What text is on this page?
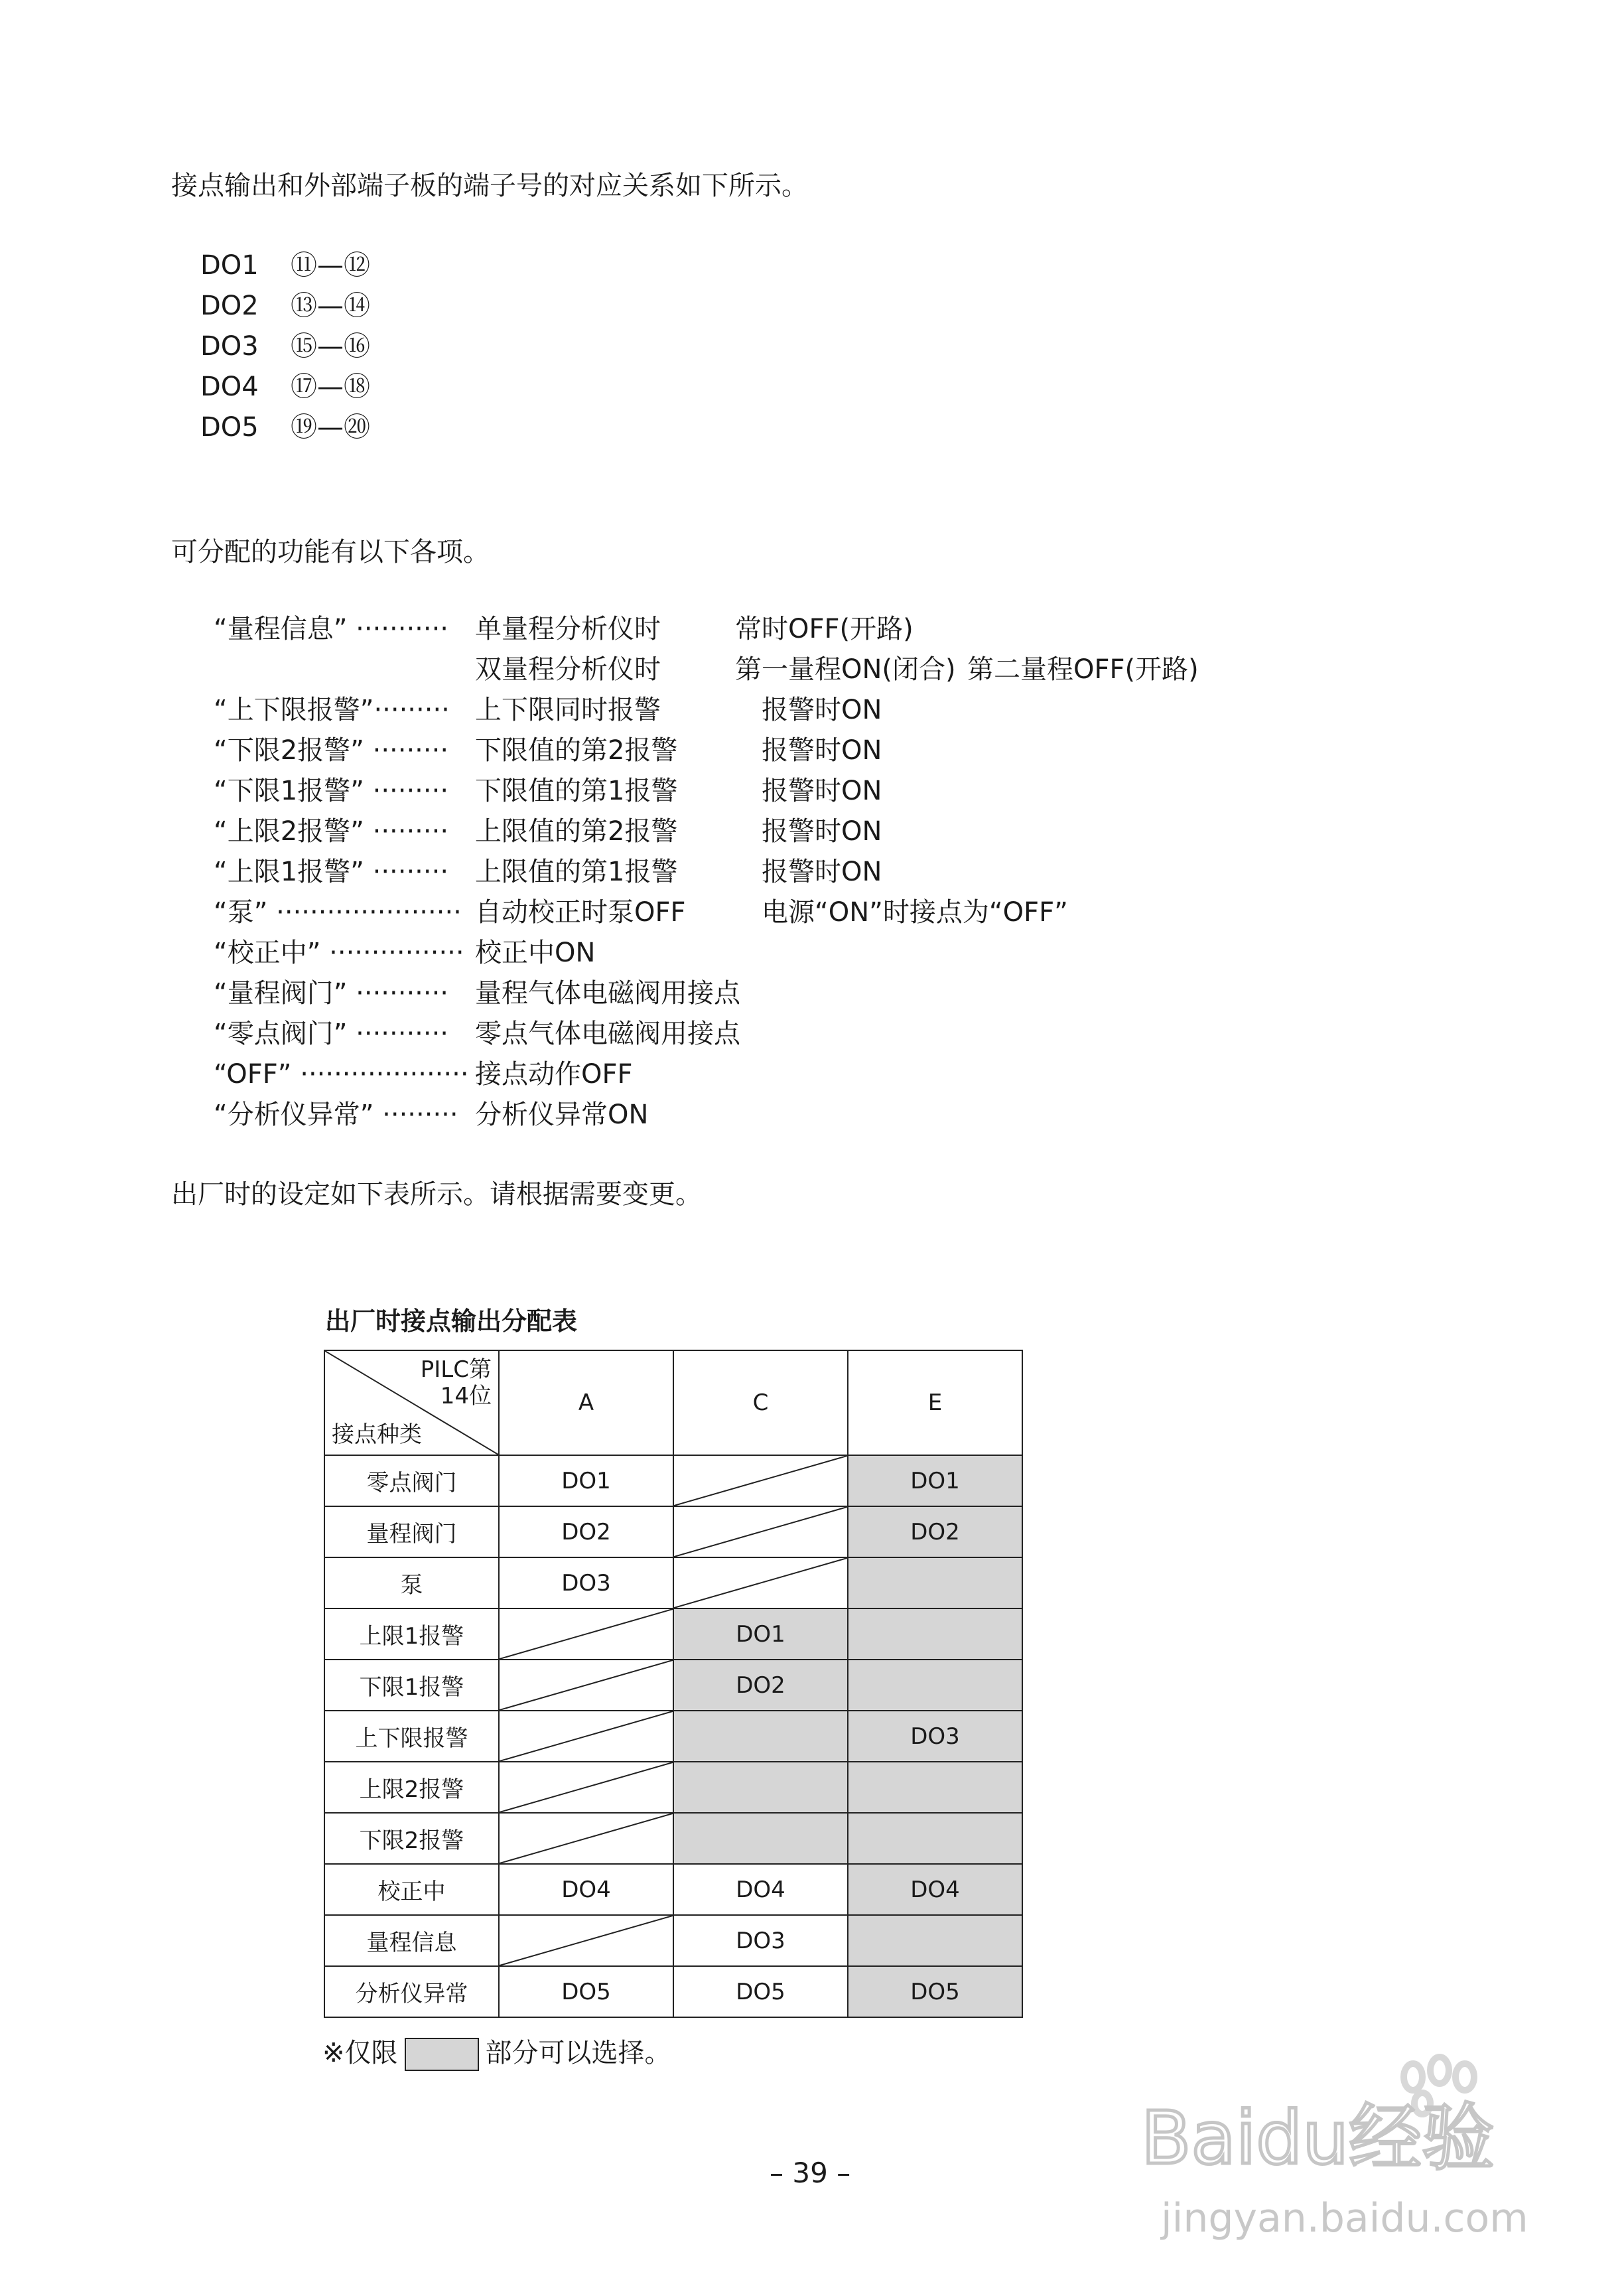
接点输出和外部端子板的端子号的对应关系如下所示。
DO1 ⑪—⑫
DO2 ⑬—⑭
DO3 ⑮—⑯
DO4 ⑰—⑱
DO5 ⑲—⑳
可分配的功能有以下各项。
“量程信息” ··········· 单量程分析仪时	常时OFF(开路)
双量程分析仪时	第一量程ON(闭合) 第二量程OFF(开路)
“上下限报警”········· 上下限同时报警	　报警时ON
“下限2报警” ········· 下限值的第2报警 　报警时ON
“下限1报警” ········· 下限值的第1报警 　报警时ON
“上限2报警” ········· 上限值的第2报警 　报警时ON
“上限1报警” ········· 上限值的第1报警 　报警时ON
“泵” ······················ 自动校正时泵OFF 　电源“ON”时接点为“OFF”
“校正中” ················ 校正中ON
“量程阀门” ··········· 量程气体电磁阀用接点
“零点阀门” ··········· 零点气体电磁阀用接点
“OFF” ···················· 接点动作OFF
“分析仪异常” ········· 分析仪异常ON
出厂时的设定如下表所示。请根据需要变更。
出厂时接点输出分配表
PILC第
14位
接点种类	A	C	E
零点阀门	DO1		DO1
量程阀门	DO2		DO2
泵	DO3	

上限1报警		DO1	
下限1报警		DO2	
上下限报警			DO3
上限2报警	

下限2报警	

校正中	DO4	DO4	DO4
量程信息		DO3	
分析仪异常	DO5	DO5	DO5
※仅限	部分可以选择。
– 39 –	Baidu经验
jingyan.baidu.com
